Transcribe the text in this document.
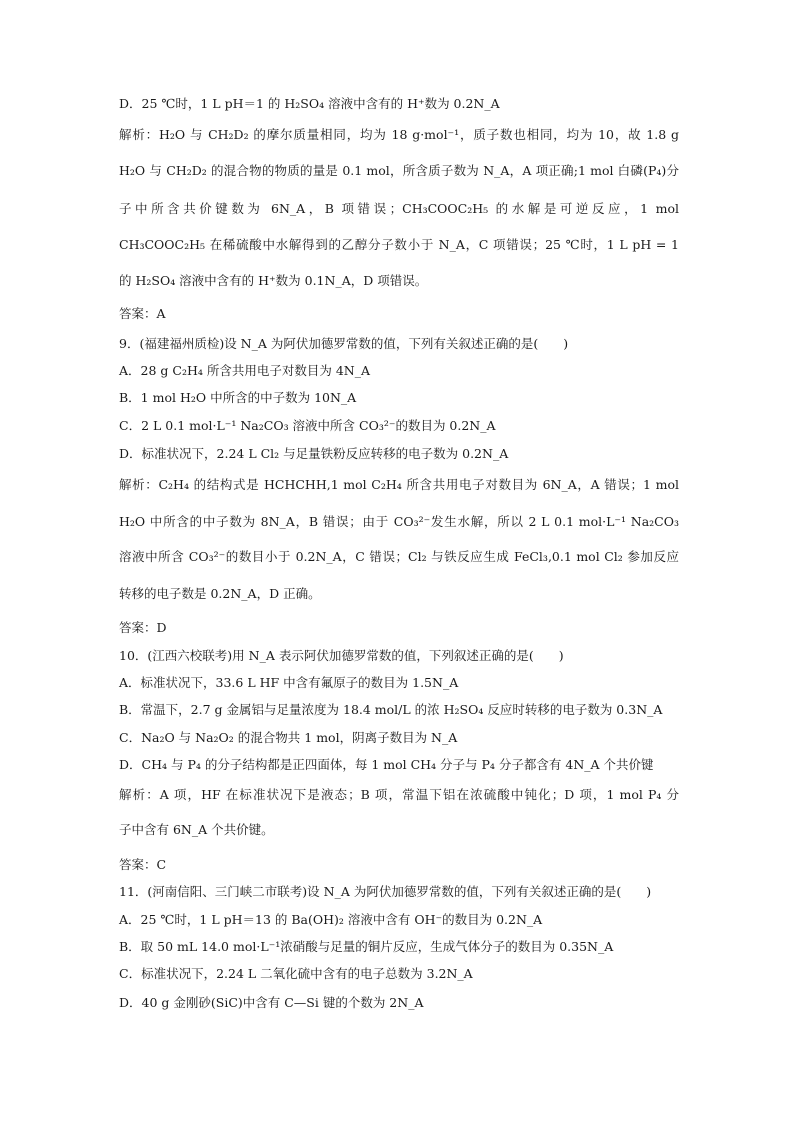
D．25 ℃时，1 L pH＝1 的 H₂SO₄ 溶液中含有的 H⁺数为 0.2N_A
解析：H₂O 与 CH₂D₂ 的摩尔质量相同，均为 18 g·mol⁻¹，质子数也相同，均为 10，故 1.8 g
H₂O 与 CH₂D₂ 的混合物的物质的量是 0.1 mol，所含质子数为 N_A，A 项正确;1 mol 白磷(P₄)分
子中所含共价键数为 6N_A，B 项错误；CH₃COOC₂H₅ 的水解是可逆反应，1 mol
CH₃COOC₂H₅ 在稀硫酸中水解得到的乙醇分子数小于 N_A，C 项错误；25 ℃时，1 L pH = 1
的 H₂SO₄ 溶液中含有的 H⁺数为 0.1N_A，D 项错误。
答案：A
9．(福建福州质检)设 N_A 为阿伏加德罗常数的值，下列有关叙述正确的是(　　)
A．28 g C₂H₄ 所含共用电子对数目为 4N_A
B．1 mol H₂O 中所含的中子数为 10N_A
C．2 L 0.1 mol·L⁻¹ Na₂CO₃ 溶液中所含 CO₃²⁻的数目为 0.2N_A
D．标准状况下，2.24 L Cl₂ 与足量铁粉反应转移的电子数为 0.2N_A
解析：C₂H₄ 的结构式是 HCHCHH,1 mol C₂H₄ 所含共用电子对数目为 6N_A，A 错误；1 mol
H₂O 中所含的中子数为 8N_A，B 错误；由于 CO₃²⁻发生水解，所以 2 L 0.1 mol·L⁻¹ Na₂CO₃
溶液中所含 CO₃²⁻的数目小于 0.2N_A，C 错误；Cl₂ 与铁反应生成 FeCl₃,0.1 mol Cl₂ 参加反应
转移的电子数是 0.2N_A，D 正确。
答案：D
10．(江西六校联考)用 N_A 表示阿伏加德罗常数的值，下列叙述正确的是(　　)
A．标准状况下，33.6 L HF 中含有氟原子的数目为 1.5N_A
B．常温下，2.7 g 金属铝与足量浓度为 18.4 mol/L 的浓 H₂SO₄ 反应时转移的电子数为 0.3N_A
C．Na₂O 与 Na₂O₂ 的混合物共 1 mol，阴离子数目为 N_A
D．CH₄ 与 P₄ 的分子结构都是正四面体，每 1 mol CH₄ 分子与 P₄ 分子都含有 4N_A 个共价键
解析：A 项，HF 在标准状况下是液态；B 项，常温下铝在浓硫酸中钝化；D 项，1 mol P₄ 分
子中含有 6N_A 个共价键。
答案：C
11．(河南信阳、三门峡二市联考)设 N_A 为阿伏加德罗常数的值，下列有关叙述正确的是(　　)
A．25 ℃时，1 L pH＝13 的 Ba(OH)₂ 溶液中含有 OH⁻的数目为 0.2N_A
B．取 50 mL 14.0 mol·L⁻¹浓硝酸与足量的铜片反应，生成气体分子的数目为 0.35N_A
C．标准状况下，2.24 L 二氧化硫中含有的电子总数为 3.2N_A
D．40 g 金刚砂(SiC)中含有 C—Si 键的个数为 2N_A
